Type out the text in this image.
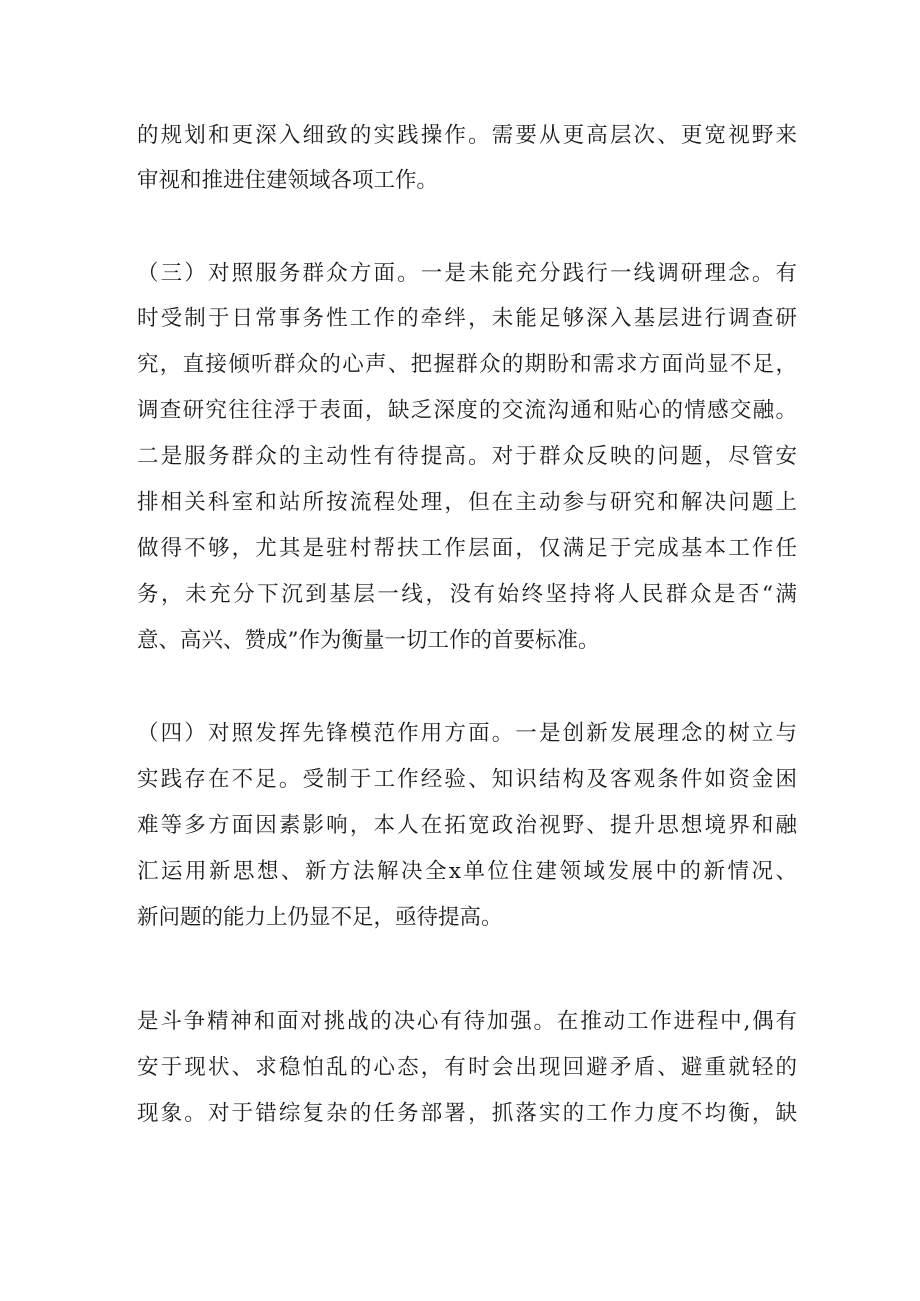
的规划和更深入细致的实践操作。需要从更高层次、更宽视野来
审视和推进住建领域各项工作。
（三）对照服务群众方面。一是未能充分践行一线调研理念。有
时受制于日常事务性工作的牵绊，未能足够深入基层进行调查研
究，直接倾听群众的心声、把握群众的期盼和需求方面尚显不足，
调查研究往往浮于表面，缺乏深度的交流沟通和贴心的情感交融。
二是服务群众的主动性有待提高。对于群众反映的问题，尽管安
排相关科室和站所按流程处理，但在主动参与研究和解决问题上
做得不够，尤其是驻村帮扶工作层面，仅满足于完成基本工作任
务，未充分下沉到基层一线，没有始终坚持将人民群众是否“满
意、高兴、赞成”作为衡量一切工作的首要标准。
（四）对照发挥先锋模范作用方面。一是创新发展理念的树立与
实践存在不足。受制于工作经验、知识结构及客观条件如资金困
难等多方面因素影响，本人在拓宽政治视野、提升思想境界和融
汇运用新思想、新方法解决全x单位住建领域发展中的新情况、
新问题的能力上仍显不足，亟待提高。
是斗争精神和面对挑战的决心有待加强。在推动工作进程中,偶有
安于现状、求稳怕乱的心态，有时会出现回避矛盾、避重就轻的
现象。对于错综复杂的任务部署，抓落实的工作力度不均衡，缺
